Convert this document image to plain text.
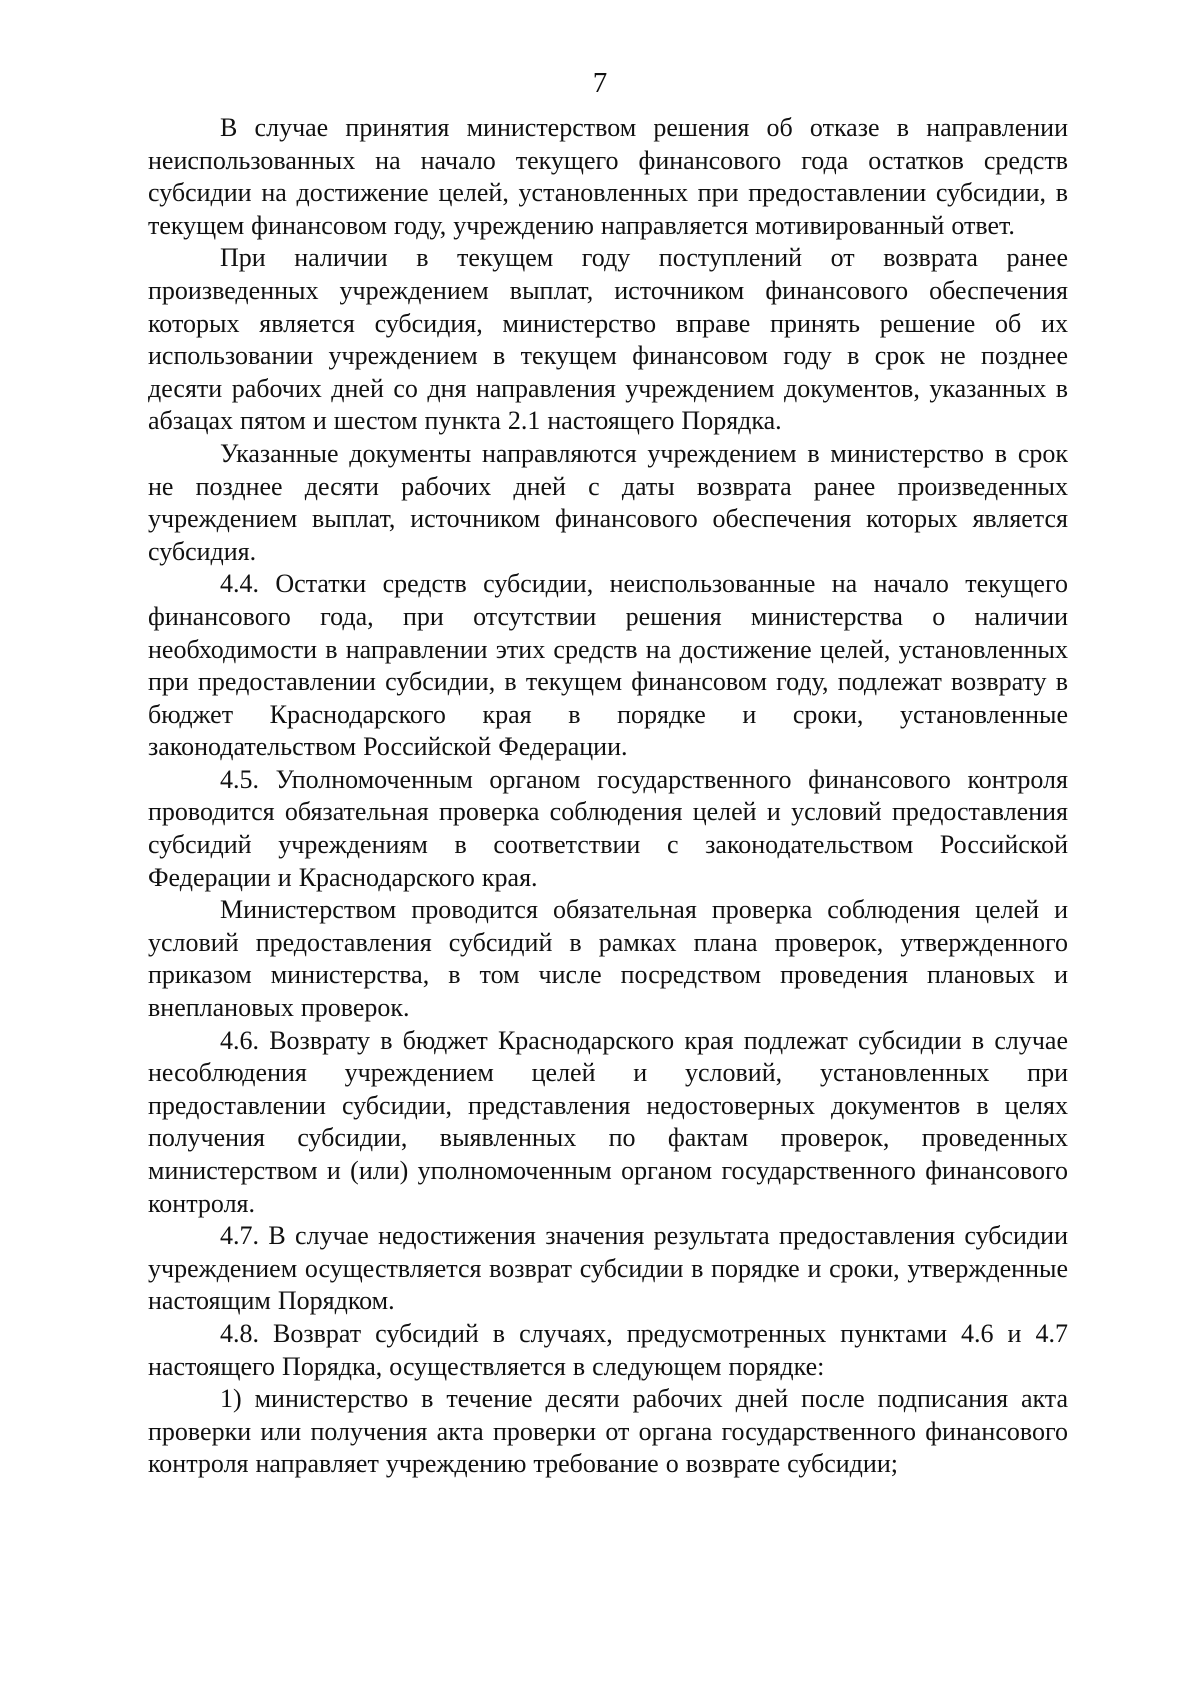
7

В случае принятия министерством решения об отказе в направлении неиспользованных на начало текущего финансового года остатков средств субсидии на достижение целей, установленных при предоставлении субсидии, в текущем финансовом году, учреждению направляется мотивированный ответ.

При наличии в текущем году поступлений от возврата ранее произведенных учреждением выплат, источником финансового обеспечения которых является субсидия, министерство вправе принять решение об их использовании учреждением в текущем финансовом году в срок не позднее десяти рабочих дней со дня направления учреждением документов, указанных в абзацах пятом и шестом пункта 2.1 настоящего Порядка.

Указанные документы направляются учреждением в министерство в срок не позднее десяти рабочих дней с даты возврата ранее произведенных учреждением выплат, источником финансового обеспечения которых является субсидия.

4.4. Остатки средств субсидии, неиспользованные на начало текущего финансового года, при отсутствии решения министерства о наличии необходимости в направлении этих средств на достижение целей, установленных при предоставлении субсидии, в текущем финансовом году, подлежат возврату в бюджет Краснодарского края в порядке и сроки, установленные законодательством Российской Федерации.

4.5. Уполномоченным органом государственного финансового контроля проводится обязательная проверка соблюдения целей и условий предоставления субсидий учреждениям в соответствии с законодательством Российской Федерации и Краснодарского края.

Министерством проводится обязательная проверка соблюдения целей и условий предоставления субсидий в рамках плана проверок, утвержденного приказом министерства, в том числе посредством проведения плановых и внеплановых проверок.

4.6. Возврату в бюджет Краснодарского края подлежат субсидии в случае несоблюдения учреждением целей и условий, установленных при предоставлении субсидии, представления недостоверных документов в целях получения субсидии, выявленных по фактам проверок, проведенных министерством и (или) уполномоченным органом государственного финансового контроля.

4.7. В случае недостижения значения результата предоставления субсидии учреждением осуществляется возврат субсидии в порядке и сроки, утвержденные настоящим Порядком.

4.8. Возврат субсидий в случаях, предусмотренных пунктами 4.6 и 4.7 настоящего Порядка, осуществляется в следующем порядке:

1) министерство в течение десяти рабочих дней после подписания акта проверки или получения акта проверки от органа государственного финансового контроля направляет учреждению требование о возврате субсидии;
